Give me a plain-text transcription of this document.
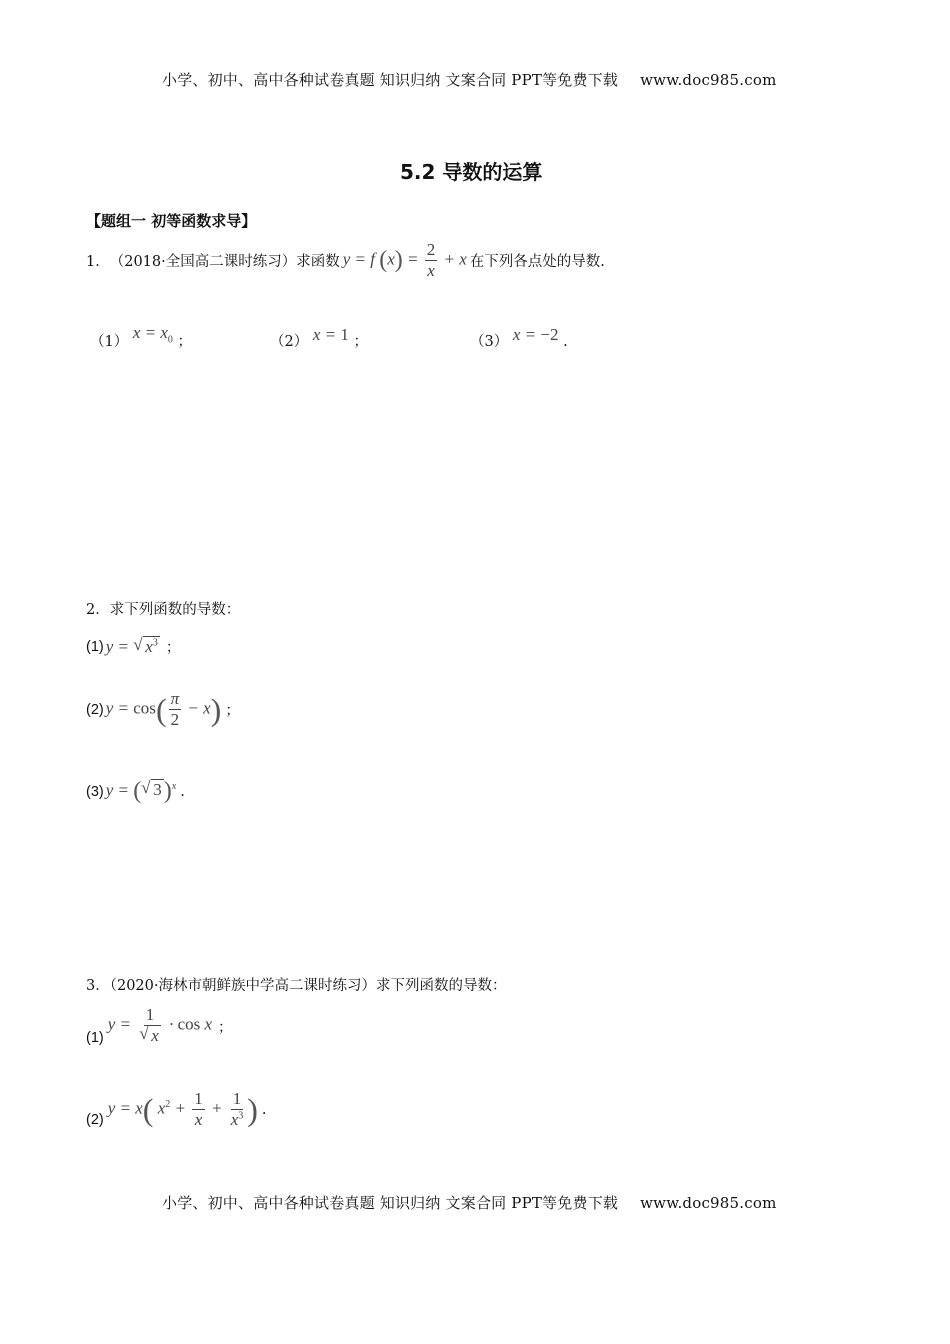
小学、初中、高中各种试卷真题 知识归纳 文案合同 PPT等免费下载 www.doc985.com
5.2 导数的运算
【题组一 初等函数求导】
1． （2018·全国高二课时练习）求函数 y = f $(x) = \frac{2}{x} + x$ 在下列各点处的导数.
（1） $x = x_0$ ；	（2） x = 1 ；	（3） x = −2 .
2．求下列函数的导数：
(1) y = √ $x^3$ ；
(2) $y = \cos( \frac{\pi}{2} - x)$ ；
(3) y = (√ 3)$^x$ .
3．（2020·海林市朝鲜族中学高二课时练习）求下列函数的导数：
(1)
y = 1
√ x · cos x ；
(2)
y = x( $x^2 + \frac{1}{x} + \frac{1}{x^3}$ ) .
小学、初中、高中各种试卷真题 知识归纳 文案合同 PPT等免费下载 www.doc985.com
